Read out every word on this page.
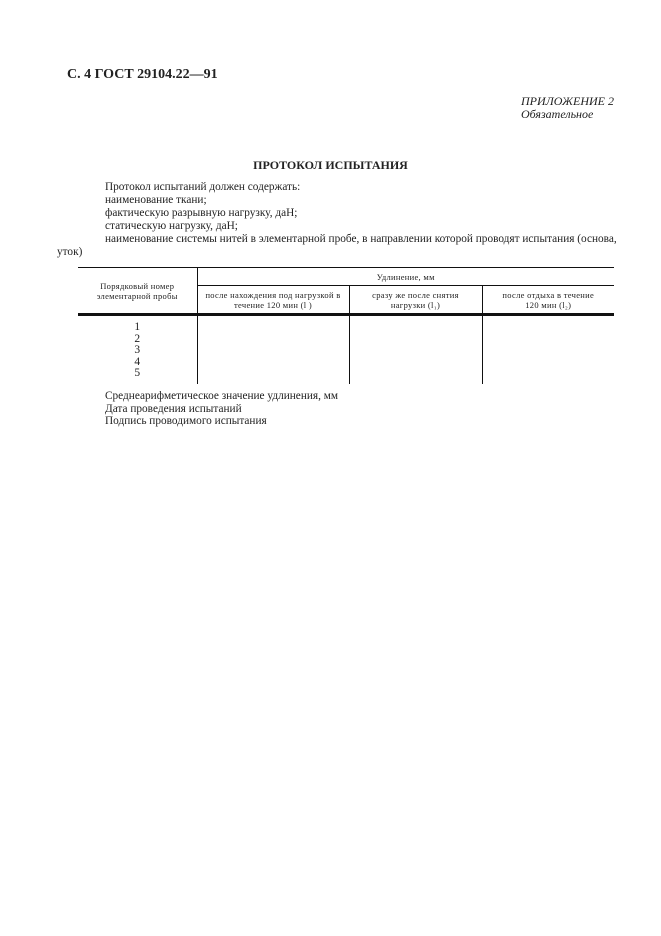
С. 4 ГОСТ 29104.22—91
ПРИЛОЖЕНИЕ 2
Обязательное
ПРОТОКОЛ ИСПЫТАНИЯ

Протокол испытаний должен содержать:

наименование ткани;

фактическую разрывную нагрузку, даН;

статическую нагрузку, даН;

наименование системы нитей в элементарной пробе, в направлении которой проводят испытания (основа, уток)

Порядковый номер элементарной пробы	Удлинение, мм		
	после нахождения под нагрузкой в течение 120 мин (l )	сразу же после снятия нагрузки (l₁)	после отдыха в течение 120 мин (l₂)

1
2
3
4
5			

Среднеарифметическое значение удлинения, мм
Дата проведения испытаний
Подпись проводимого испытания
